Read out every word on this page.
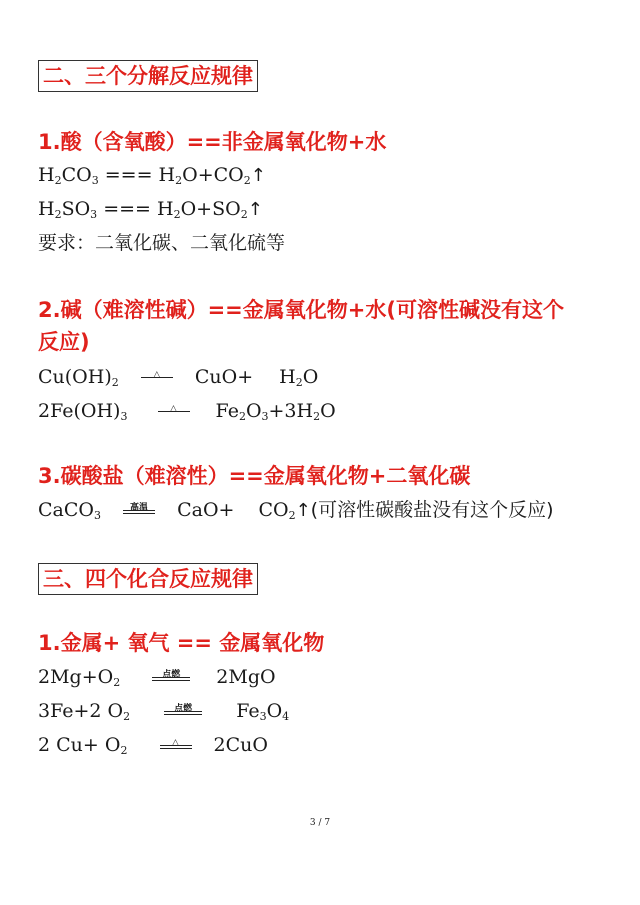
二、三个分解反应规律
1.酸（含氧酸）==非金属氧化物+水
$H_2CO_3$ === $H_2O+CO_2↑$
$H_2SO_3$ === $H_2O+SO_2↑$
要求：二氧化碳、二氧化硫等
2.碱（难溶性碱）==金属氧化物+水(可溶性碱没有这个
反应)
$Cu(OH)_2$
△	$CuO+ H_2O$
$2Fe(OH)_3$
△	$Fe_2O_3+3H_2O$
3.碳酸盐（难溶性）==金属氧化物+二氧化碳
CaCO$_3$
高温	$CaO+ CO_2↑$(可溶性碳酸盐没有这个反应)
三、四个化合反应规律
1.金属+ 氧气 == 金属氧化物
$2Mg+O_2$
点燃	2MgO
3Fe+2 $O_2$
点燃	$Fe_3O_4$
2 $Cu+ O_2$
△	2CuO
3 / 7
